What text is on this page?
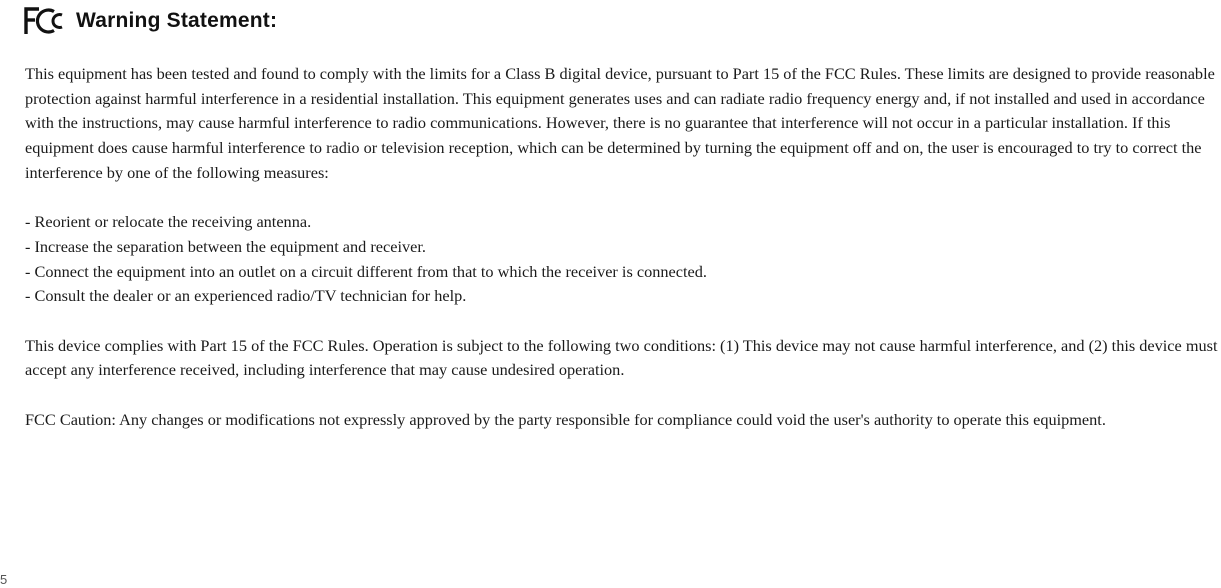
Warning Statement:

This equipment has been tested and found to comply with the limits for a Class B digital device, pursuant to Part 15 of the FCC Rules. These limits are designed to provide reasonable protection against harmful interference in a residential installation. This equipment generates uses and can radiate radio frequency energy and, if not installed and used in accordance with the instructions, may cause harmful interference to radio communications. However, there is no guarantee that interference will not occur in a particular installation. If this equipment does cause harmful interference to radio or television reception, which can be determined by turning the equipment off and on, the user is encouraged to try to correct the interference by one of the following measures:

- Reorient or relocate the receiving antenna.
- Increase the separation between the equipment and receiver.
- Connect the equipment into an outlet on a circuit different from that to which the receiver is connected.
- Consult the dealer or an experienced radio/TV technician for help.

This device complies with Part 15 of the FCC Rules. Operation is subject to the following two conditions: (1) This device may not cause harmful interference, and (2) this device must accept any interference received, including interference that may cause undesired operation.

FCC Caution: Any changes or modifications not expressly approved by the party responsible for compliance could void the user's authority to operate this equipment.

5
